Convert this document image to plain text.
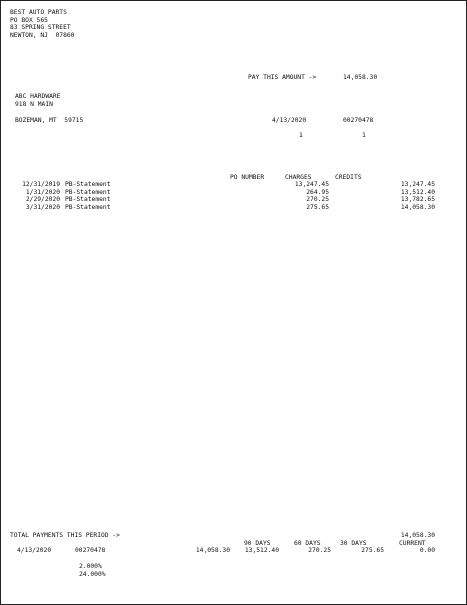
BEST AUTO PARTS
PO BOX 565
83 SPRING STREET
NEWTON, NJ  07860
PAY THIS AMOUNT ->	14,058.30
ABC HARDWARE
918 N MAIN
BOZEMAN, MT  59715	4/13/2020	00270478
1	1
PO NUMBER	CHARGES	CREDITS
12/31/2019 PB-Statement	13,247.45	13,247.45
1/31/2020 PB-Statement	264.95	13,512.40
2/29/2020 PB-Statement	270.25	13,782.65
3/31/2020 PB-Statement	275.65	14,058.30
TOTAL PAYMENTS THIS PERIOD ->	14,058.30
90 DAYS	60 DAYS	30 DAYS	CURRENT
4/13/2020	00270478	14,058.30 13,512.40	270.25	275.65	0.00
2.000%
24.000%
